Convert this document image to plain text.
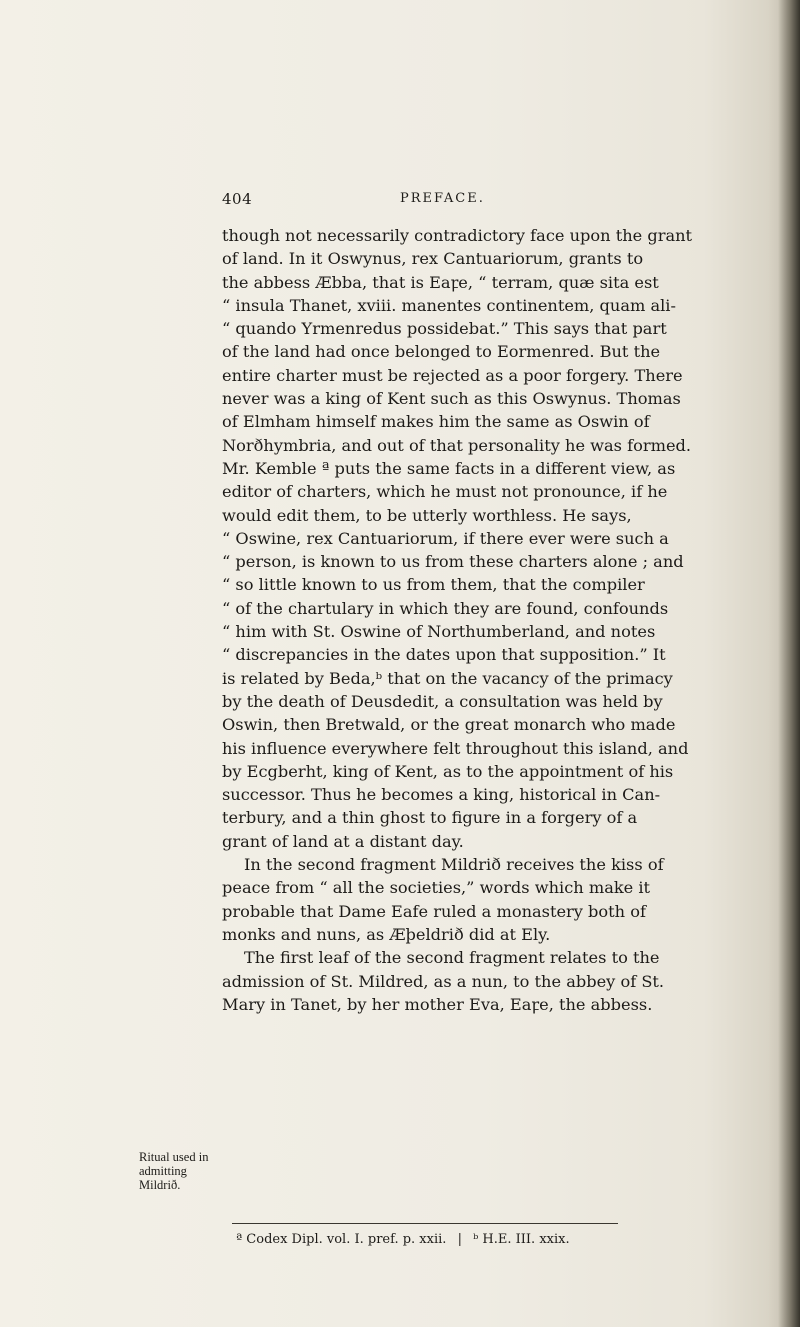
404	PREFACE.
though not necessarily contradictory face upon the grant
of land. In it Oswynus, rex Cantuariorum, grants to
the abbess Æbba, that is Eaꝼe, “ terram, quæ sita est
“ insula Thanet, xviii. manentes continentem, quam ali-
“ quando Yrmenredus possidebat.” This says that part
of the land had once belonged to Eormenred. But the
entire charter must be rejected as a poor forgery. There
never was a king of Kent such as this Oswynus. Thomas
of Elmham himself makes him the same as Oswin of
Norðhymbria, and out of that personality he was formed.
Mr. Kemble ª puts the same facts in a different view, as
editor of charters, which he must not pronounce, if he
would edit them, to be utterly worthless. He says,
“ Oswine, rex Cantuariorum, if there ever were such a
“ person, is known to us from these charters alone ; and
“ so little known to us from them, that the compiler
“ of the chartulary in which they are found, confounds
“ him with St. Oswine of Northumberland, and notes
“ discrepancies in the dates upon that supposition.” It
is related by Beda,ᵇ that on the vacancy of the primacy
by the death of Deusdedit, a consultation was held by
Oswin, then Bretwald, or the great monarch who made
his influence everywhere felt throughout this island, and
by Ecgberht, king of Kent, as to the appointment of his
successor. Thus he becomes a king, historical in Can-
terbury, and a thin ghost to figure in a forgery of a
grant of land at a distant day.
In the second fragment Mildrið receives the kiss of
peace from “ all the societies,” words which make it
probable that Dame Eafe ruled a monastery both of
monks and nuns, as Æþeldrið did at Ely.
The first leaf of the second fragment relates to the
admission of St. Mildred, as a nun, to the abbey of St.
Mary in Tanet, by her mother Eva, Eaꝼe, the abbess.
Ritual used in
admitting
Mildrið.
ª Codex Dipl. vol. I. pref. p. xxii. | ᵇ H.E. III. xxix.
